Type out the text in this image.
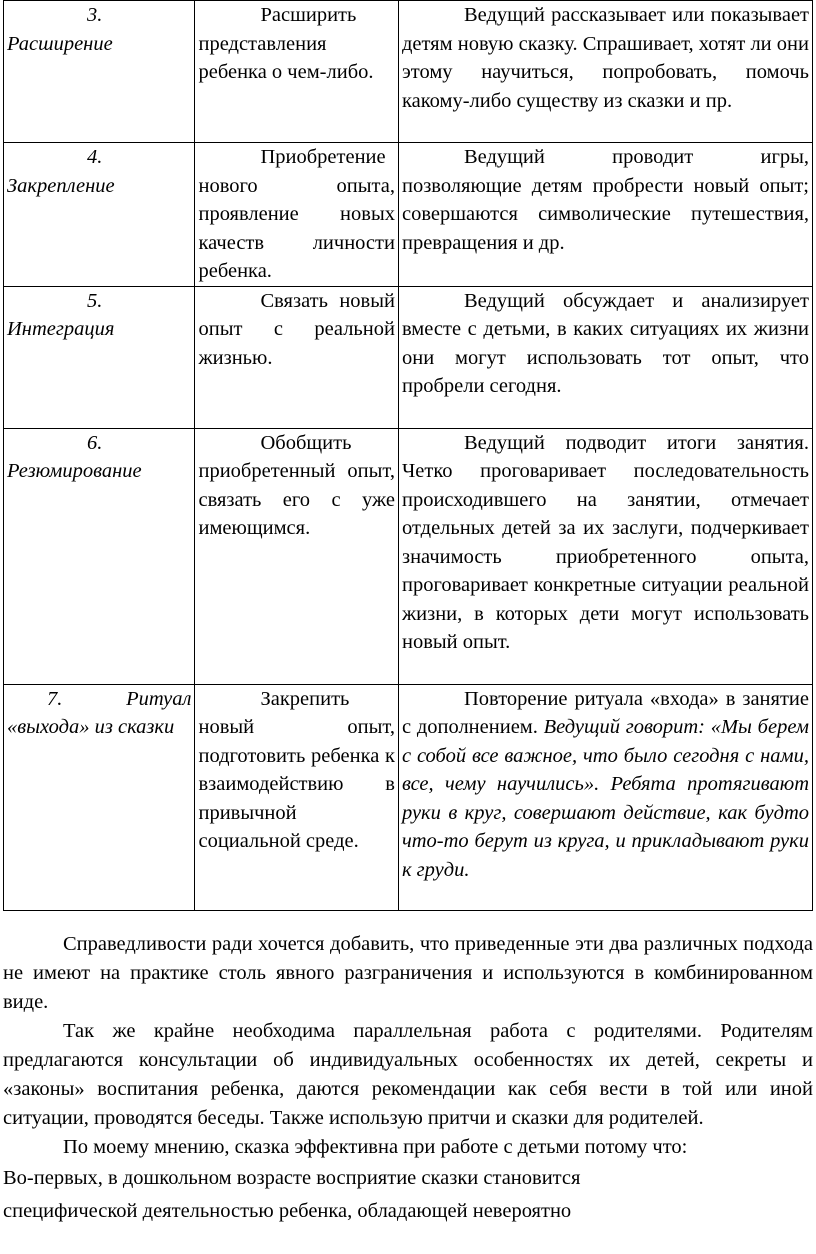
3.
Расширение	Расширить представления ребенка о чем-либо.	Ведущий рассказывает или показывает детям новую сказку. Спрашивает, хотят ли они этому научиться, попробовать, помочь какому-либо существу из сказки и пр.

4.
Закрепление	Приобретение нового опыта, проявление новых качеств личности ребенка.	Ведущий проводит игры, позволяющие детям пробрести новый опыт; совершаются символические путешествия, превращения и др.

5.
Интеграция	Связать новый опыт с реальной жизнью.	Ведущий обсуждает и анализирует вместе с детьми, в каких ситуациях их жизни они могут использовать тот опыт, что пробрели сегодня.

6.
Резюмирование	Обобщить приобретенный опыт, связать его с уже имеющимся.	Ведущий подводит итоги занятия. Четко проговаривает последовательность происходившего на занятии, отмечает отдельных детей за их заслуги, подчеркивает значимость приобретенного опыта, проговаривает конкретные ситуации реальной жизни, в которых дети могут использовать новый опыт.

7. Ритуал «выхода» из сказки	Закрепить новый опыт, подготовить ребенка к взаимодействию в привычной социальной среде.	Повторение ритуала «входа» в занятие с дополнением. Ведущий говорит: «Мы берем с собой все важное, что было сегодня с нами, все, чему научились». Ребята протягивают руки в круг, совершают действие, как будто что-то берут из круга, и прикладывают руки к груди.

Справедливости ради хочется добавить, что приведенные эти два различных подхода не имеют на практике столь явного разграничения и используются в комбинированном виде.

Так же крайне необходима параллельная работа с родителями. Родителям предлагаются консультации об индивидуальных особенностях их детей, секреты и «законы» воспитания ребенка, даются рекомендации как себя вести в той или иной ситуации, проводятся беседы. Также использую притчи и сказки для родителей.

По моему мнению, сказка эффективна при работе с детьми потому что:

Во-первых, в дошкольном возрасте восприятие сказки становится
специфической деятельностью ребенка, обладающей невероятно
